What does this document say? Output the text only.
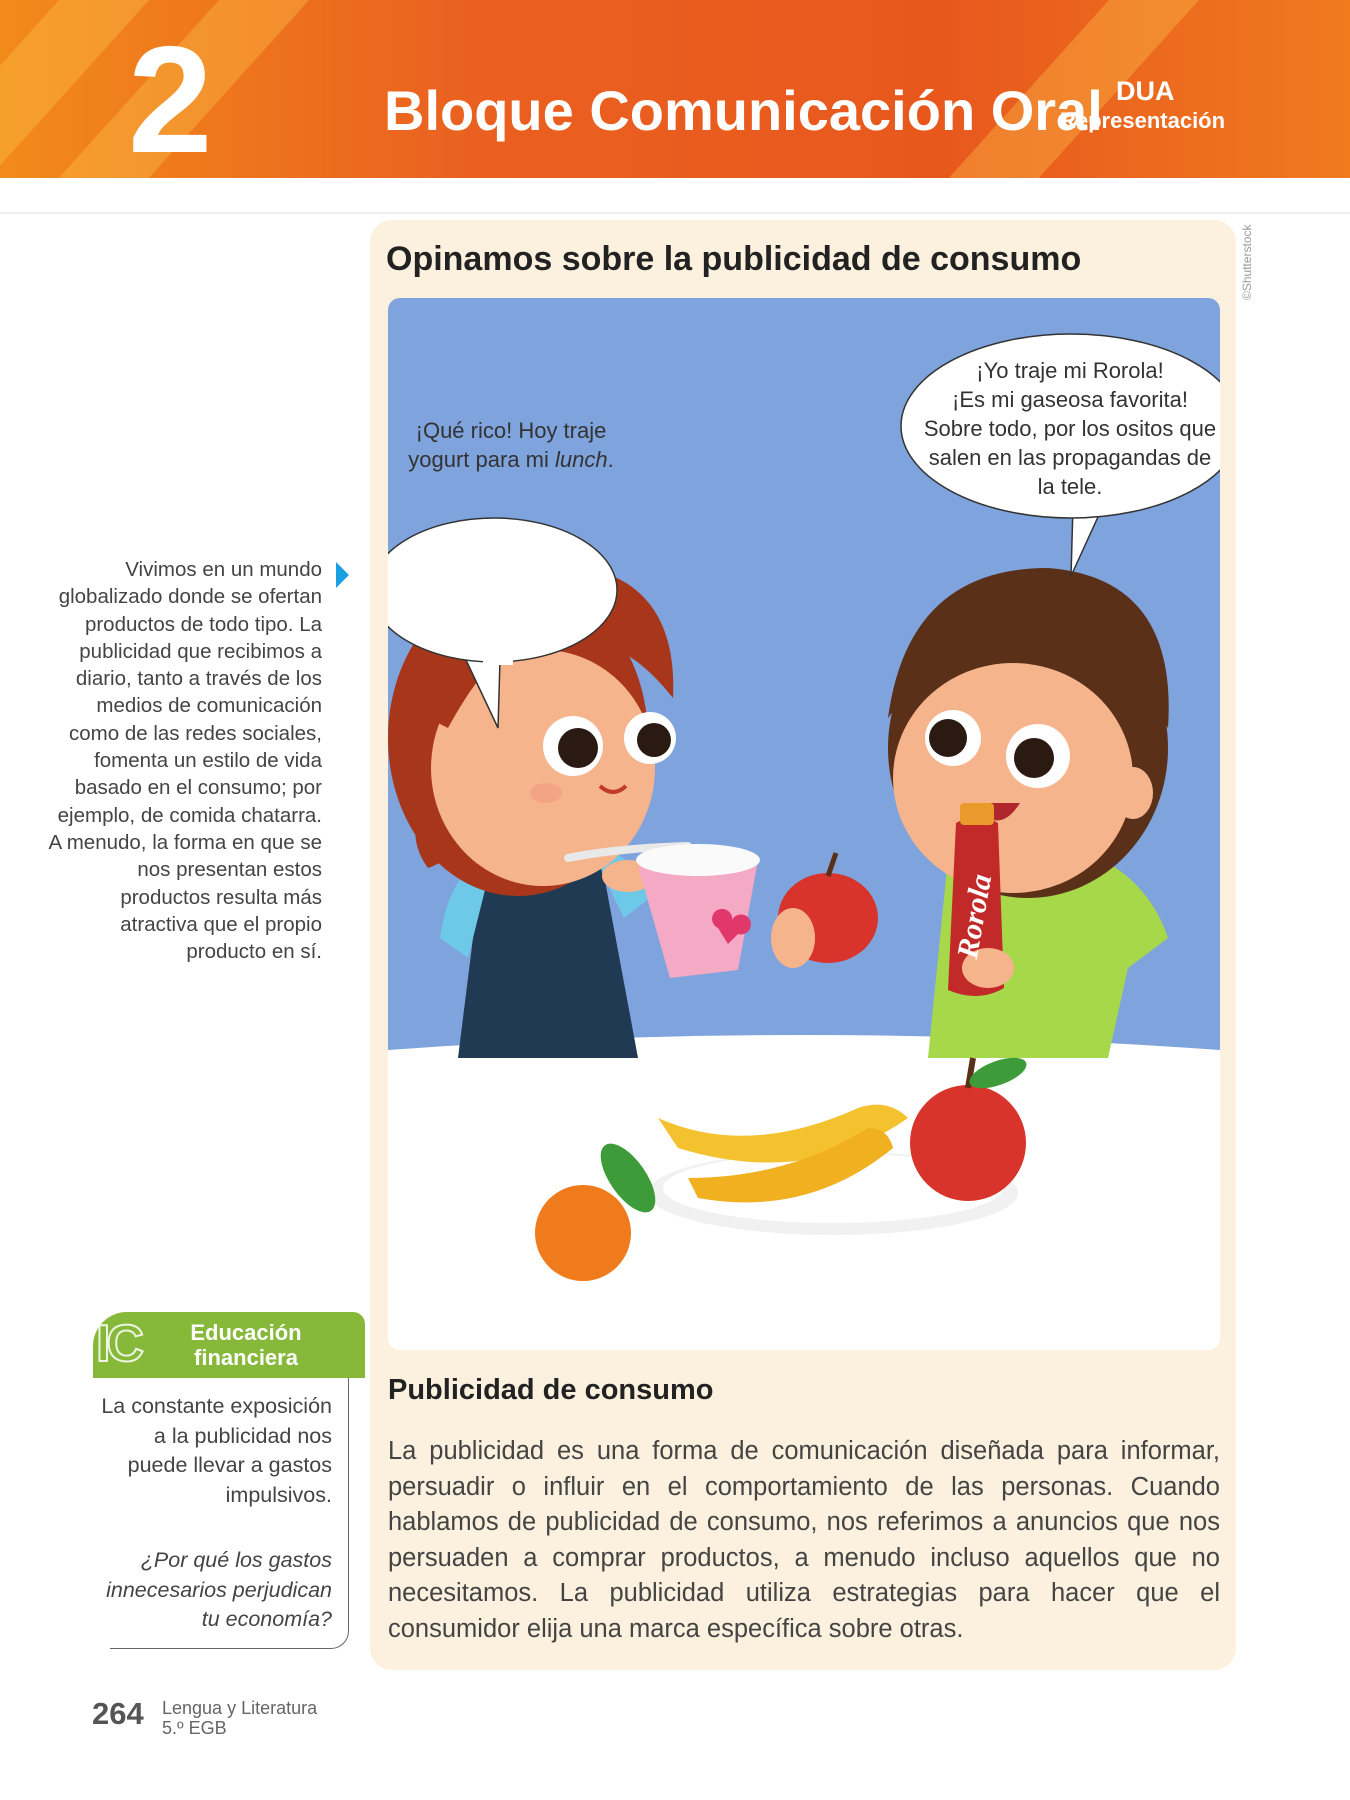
2	Bloque Comunicación Oral DUA
Representación
Opinamos sobre la publicidad de consumo	©Shutterstock
Rorola
¡Qué rico! Hoy traje
yogurt para mi lunch.
¡Yo traje mi Rorola!
¡Es mi gaseosa favorita!
Sobre todo, por los ositos que
salen en las propagandas de
la tele.
Vivimos en un mundo globalizado donde se ofertan productos de todo tipo. La publicidad que recibimos a diario, tanto a través de los medios de comunicación como de las redes sociales, fomenta un estilo de vida basado en el consumo; por ejemplo, de comida chatarra. A menudo, la forma en que se nos presentan estos productos resulta más atractiva que el propio producto en sí.
IC	Educación
financiera
La constante exposición a la publicidad nos puede llevar a gastos impulsivos.
¿Por qué los gastos innecesarios perjudican tu economía?
Publicidad de consumo
La publicidad es una forma de comunicación diseñada para informar, persuadir o influir en el comportamiento de las personas. Cuando hablamos de publicidad de consumo, nos referimos a anuncios que nos persuaden a comprar productos, a menudo incluso aquellos que no necesitamos. La publicidad utiliza estrategias para hacer que el consumidor elija una marca específica sobre otras.
264 Lengua y Literatura
5.º EGB
